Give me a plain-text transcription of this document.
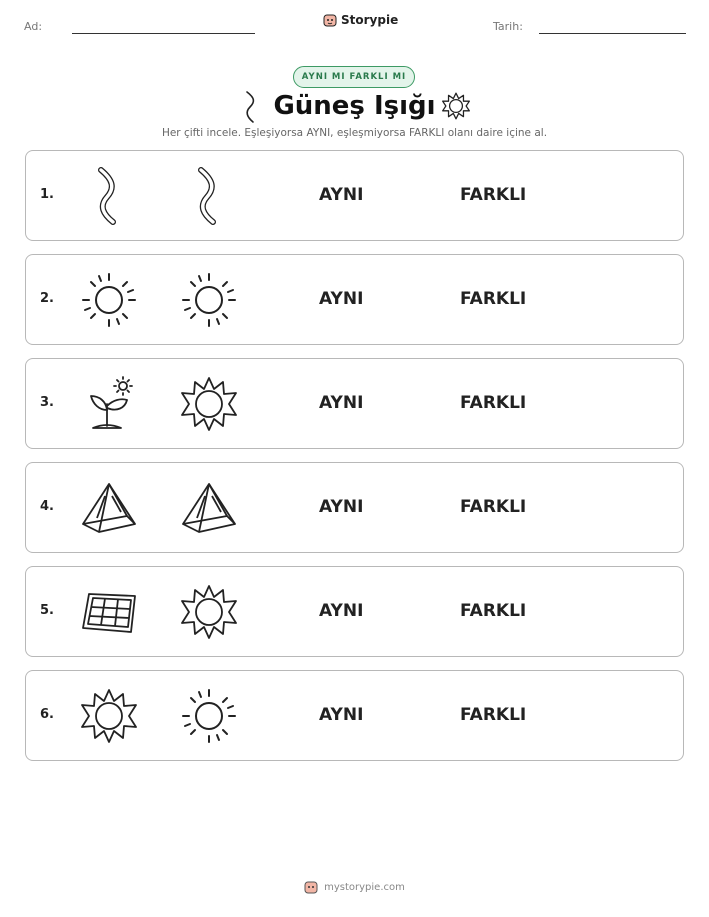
Ad:	Storypie	Tarih:
AYNI MI FARKLI MI
Güneş Işığı
Her çifti incele. Eşleşiyorsa AYNI, eşleşmiyorsa FARKLI olanı daire içine al.
1.	AYNI	FARKLI
2.	AYNI	FARKLI
3.	AYNI	FARKLI
4.	AYNI	FARKLI
5.	AYNI	FARKLI
6.	AYNI	FARKLI
mystorypie.com
